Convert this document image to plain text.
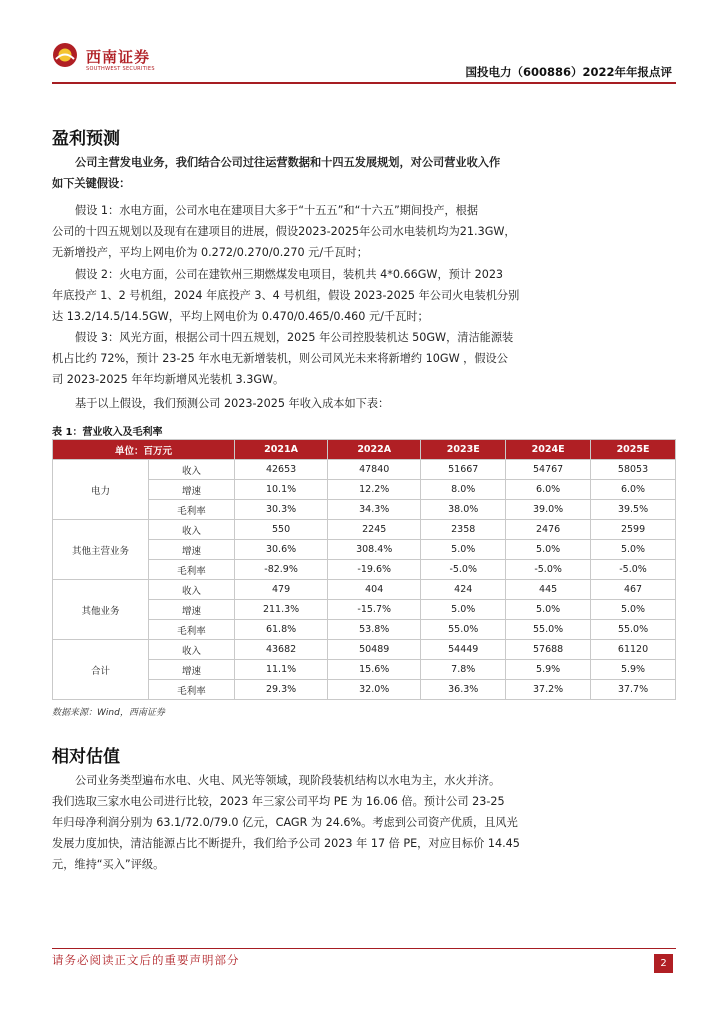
西南证券
SOUTHWEST SECURITIES	国投电力（600886）2022年年报点评
盈利预测
公司主营发电业务，我们结合公司过往运营数据和十四五发展规划，对公司营业收入作
如下关键假设：
假设 1：水电方面，公司水电在建项目大多于“十五五”和“十六五”期间投产，根据
公司的十四五规划以及现有在建项目的进展，假设2023-2025年公司水电装机均为21.3GW，
无新增投产，平均上网电价为 0.272/0.270/0.270 元/千瓦时；
假设 2：火电方面，公司在建钦州三期燃煤发电项目，装机共 4*0.66GW，预计 2023
年底投产 1、2 号机组，2024 年底投产 3、4 号机组，假设 2023-2025 年公司火电装机分别
达 13.2/14.5/14.5GW，平均上网电价为 0.470/0.465/0.460 元/千瓦时；
假设 3：风光方面，根据公司十四五规划，2025 年公司控股装机达 50GW，清洁能源装
机占比约 72%，预计 23-25 年水电无新增装机，则公司风光未来将新增约 10GW ，假设公
司 2023-2025 年年均新增风光装机 3.3GW。
基于以上假设，我们预测公司 2023-2025 年收入成本如下表：
表 1：营业收入及毛利率
单位：百万元		2021A	2022A	2023E	2024E	2025E
电力	收入	42653	47840	51667	54767	58053
	增速	10.1%	12.2%	8.0%	6.0%	6.0%
	毛利率	30.3%	34.3%	38.0%	39.0%	39.5%
其他主营业务	收入	550	2245	2358	2476	2599
	增速	30.6%	308.4%	5.0%	5.0%	5.0%
	毛利率	-82.9%	-19.6%	-5.0%	-5.0%	-5.0%
其他业务	收入	479	404	424	445	467
	增速	211.3%	-15.7%	5.0%	5.0%	5.0%
	毛利率	61.8%	53.8%	55.0%	55.0%	55.0%
合计	收入	43682	50489	54449	57688	61120
	增速	11.1%	15.6%	7.8%	5.9%	5.9%
	毛利率	29.3%	32.0%	36.3%	37.2%	37.7%
数据来源：Wind，西南证券
相对估值
公司业务类型遍布水电、火电、风光等领域，现阶段装机结构以水电为主，水火并济。
我们选取三家水电公司进行比较，2023 年三家公司平均 PE 为 16.06 倍。预计公司 23-25
年归母净利润分别为 63.1/72.0/79.0 亿元，CAGR 为 24.6%。考虑到公司资产优质，且风光
发展力度加快，清洁能源占比不断提升，我们给予公司 2023 年 17 倍 PE，对应目标价 14.45
元，维持“买入”评级。
请务必阅读正文后的重要声明部分	2
